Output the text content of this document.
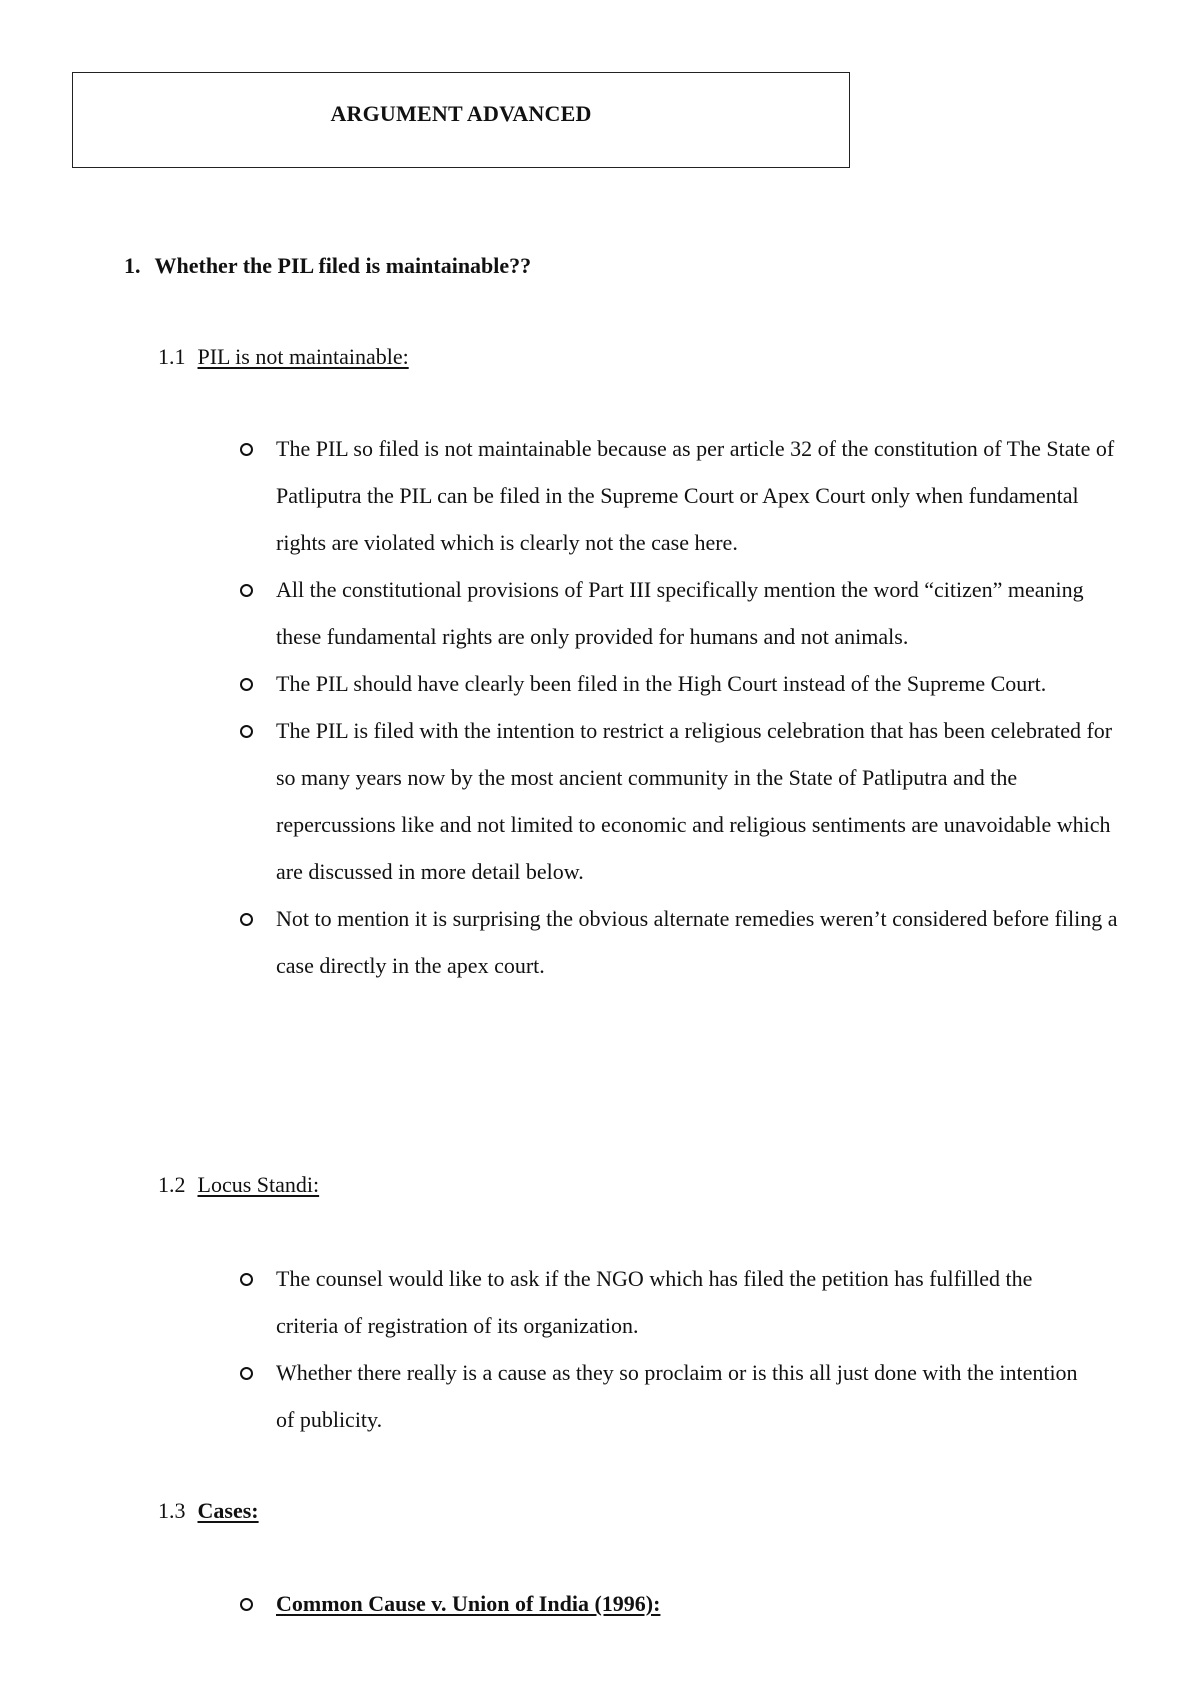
ARGUMENT ADVANCED
1. Whether the PIL filed is maintainable??
1.1 PIL is not maintainable:
The PIL so filed is not maintainable because as per article 32 of the constitution of The State of Patliputra the PIL can be filed in the Supreme Court or Apex Court only when fundamental rights are violated which is clearly not the case here.
All the constitutional provisions of Part III specifically mention the word “citizen” meaning these fundamental rights are only provided for humans and not animals.
The PIL should have clearly been filed in the High Court instead of the Supreme Court.
The PIL is filed with the intention to restrict a religious celebration that has been celebrated for so many years now by the most ancient community in the State of Patliputra and the repercussions like and not limited to economic and religious sentiments are unavoidable which are discussed in more detail below.
Not to mention it is surprising the obvious alternate remedies weren’t considered before filing a case directly in the apex court.
1.2 Locus Standi:
The counsel would like to ask if the NGO which has filed the petition has fulfilled the criteria of registration of its organization.
Whether there really is a cause as they so proclaim or is this all just done with the intention of publicity.
1.3 Cases:
Common Cause v. Union of India (1996):
